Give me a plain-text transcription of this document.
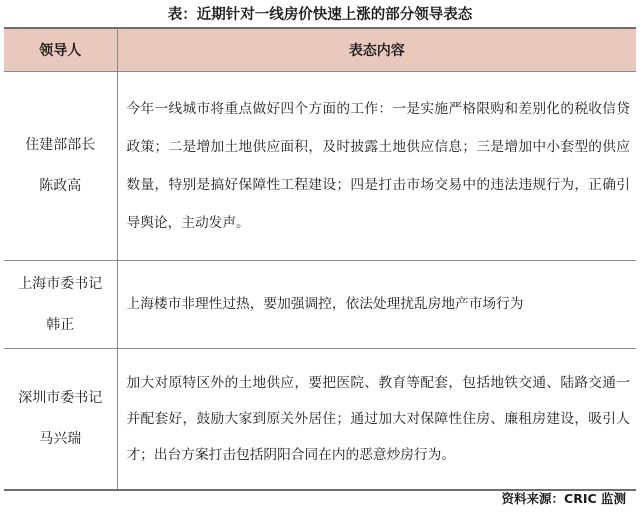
表：近期针对一线房价快速上涨的部分领导表态
领导人	表态内容

住建部部长
陈政高	今年一线城市将重点做好四个方面的工作：一是实施严格限购和差别化的税收信贷政策；二是增加土地供应面积，及时披露土地供应信息；三是增加中小套型的供应数量，特别是搞好保障性工程建设；四是打击市场交易中的违法违规行为，正确引导舆论，主动发声。

上海市委书记
韩正	上海楼市非理性过热，要加强调控，依法处理扰乱房地产市场行为

深圳市委书记
马兴瑞	加大对原特区外的土地供应，要把医院、教育等配套，包括地铁交通、陆路交通一并配套好，鼓励大家到原关外居住；通过加大对保障性住房、廉租房建设，吸引人才；出台方案打击包括阴阳合同在内的恶意炒房行为。
资料来源：CRIC 监测
